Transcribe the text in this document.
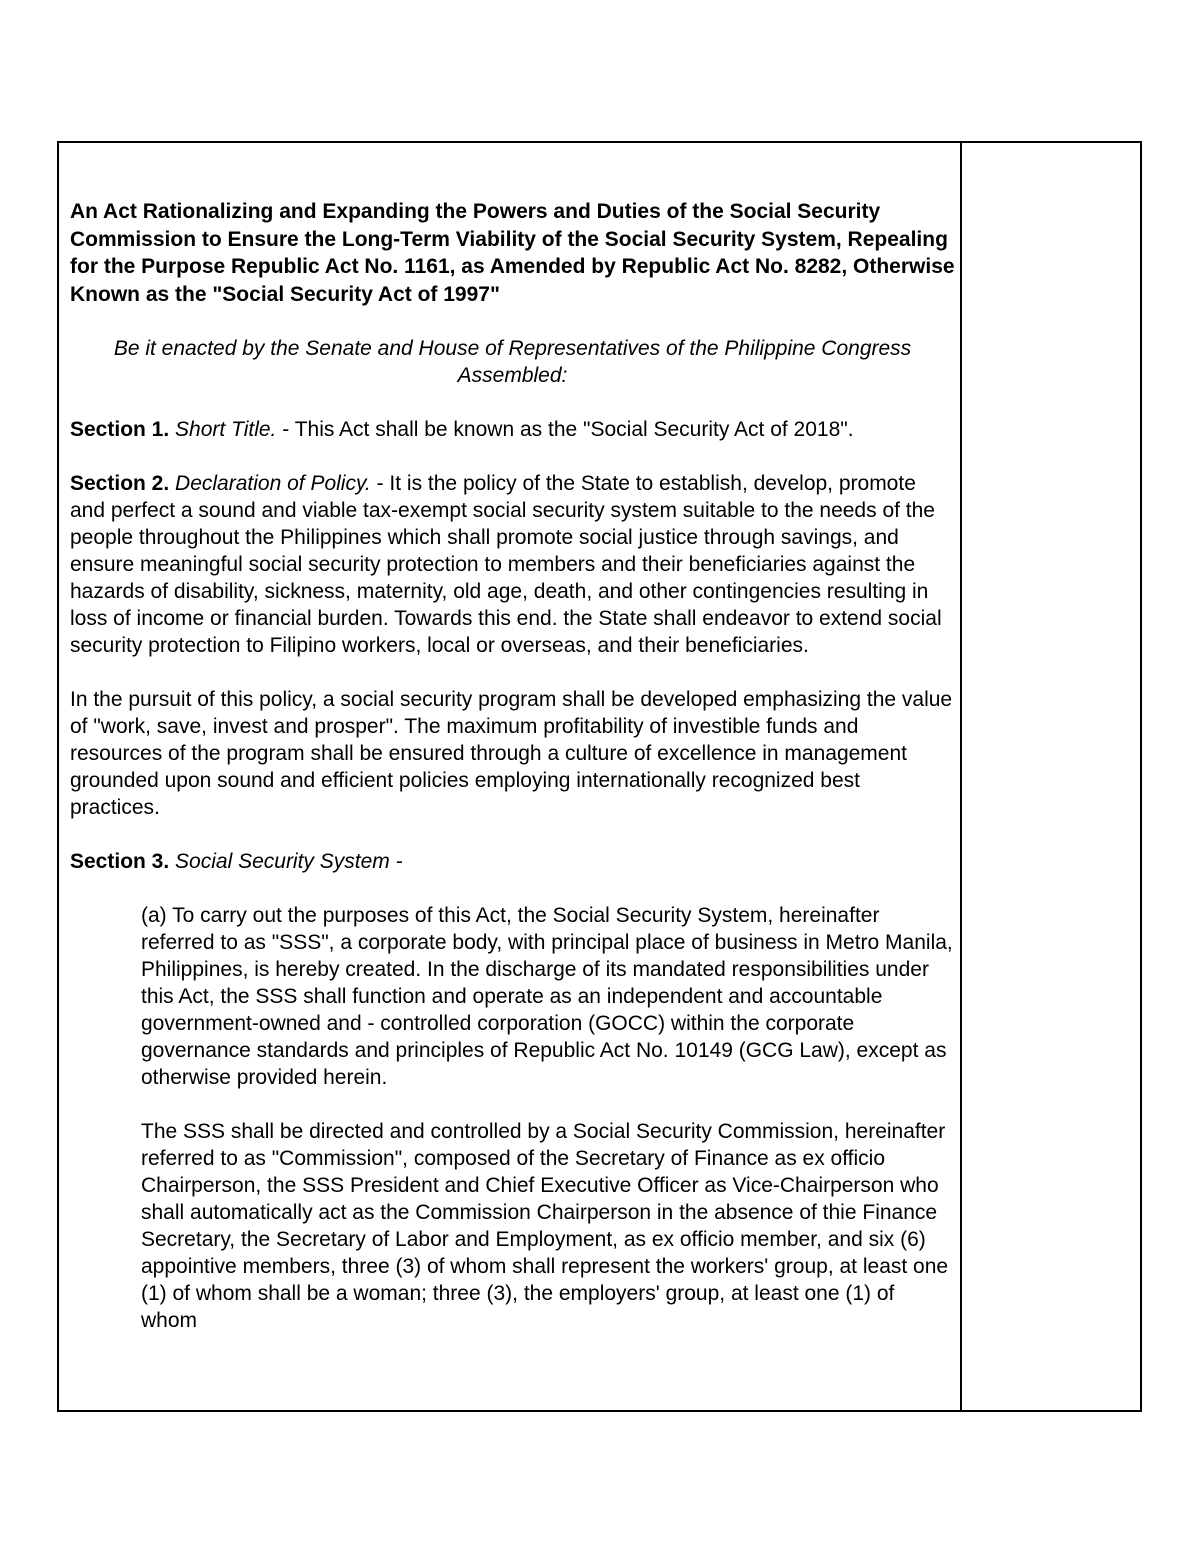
An Act Rationalizing and Expanding the Powers and Duties of the Social Security Commission to Ensure the Long-Term Viability of the Social Security System, Repealing for the Purpose Republic Act No. 1161, as Amended by Republic Act No. 8282, Otherwise Known as the "Social Security Act of 1997"

Be it enacted by the Senate and House of Representatives of the Philippine Congress Assembled:

Section 1. Short Title. - This Act shall be known as the "Social Security Act of 2018".

Section 2. Declaration of Policy. - It is the policy of the State to establish, develop, promote and perfect a sound and viable tax-exempt social security system suitable to the needs of the people throughout the Philippines which shall promote social justice through savings, and ensure meaningful social security protection to members and their beneficiaries against the hazards of disability, sickness, maternity, old age, death, and other contingencies resulting in loss of income or financial burden. Towards this end. the State shall endeavor to extend social security protection to Filipino workers, local or overseas, and their beneficiaries.

In the pursuit of this policy, a social security program shall be developed emphasizing the value of "work, save, invest and prosper". The maximum profitability of investible funds and resources of the program shall be ensured through a culture of excellence in management grounded upon sound and efficient policies employing internationally recognized best practices.

Section 3. Social Security System -

(a) To carry out the purposes of this Act, the Social Security System, hereinafter referred to as "SSS", a corporate body, with principal place of business in Metro Manila, Philippines, is hereby created. In the discharge of its mandated responsibilities under this Act, the SSS shall function and operate as an independent and accountable government-owned and - controlled corporation (GOCC) within the corporate governance standards and principles of Republic Act No. 10149 (GCG Law), except as otherwise provided herein.

The SSS shall be directed and controlled by a Social Security Commission, hereinafter referred to as "Commission", composed of the Secretary of Finance as ex officio Chairperson, the SSS President and Chief Executive Officer as Vice-Chairperson who shall automatically act as the Commission Chairperson in the absence of thie Finance Secretary, the Secretary of Labor and Employment, as ex officio member, and six (6) appointive members, three (3) of whom shall represent the workers' group, at least one (1) of whom shall be a woman; three (3), the employers' group, at least one (1) of whom
